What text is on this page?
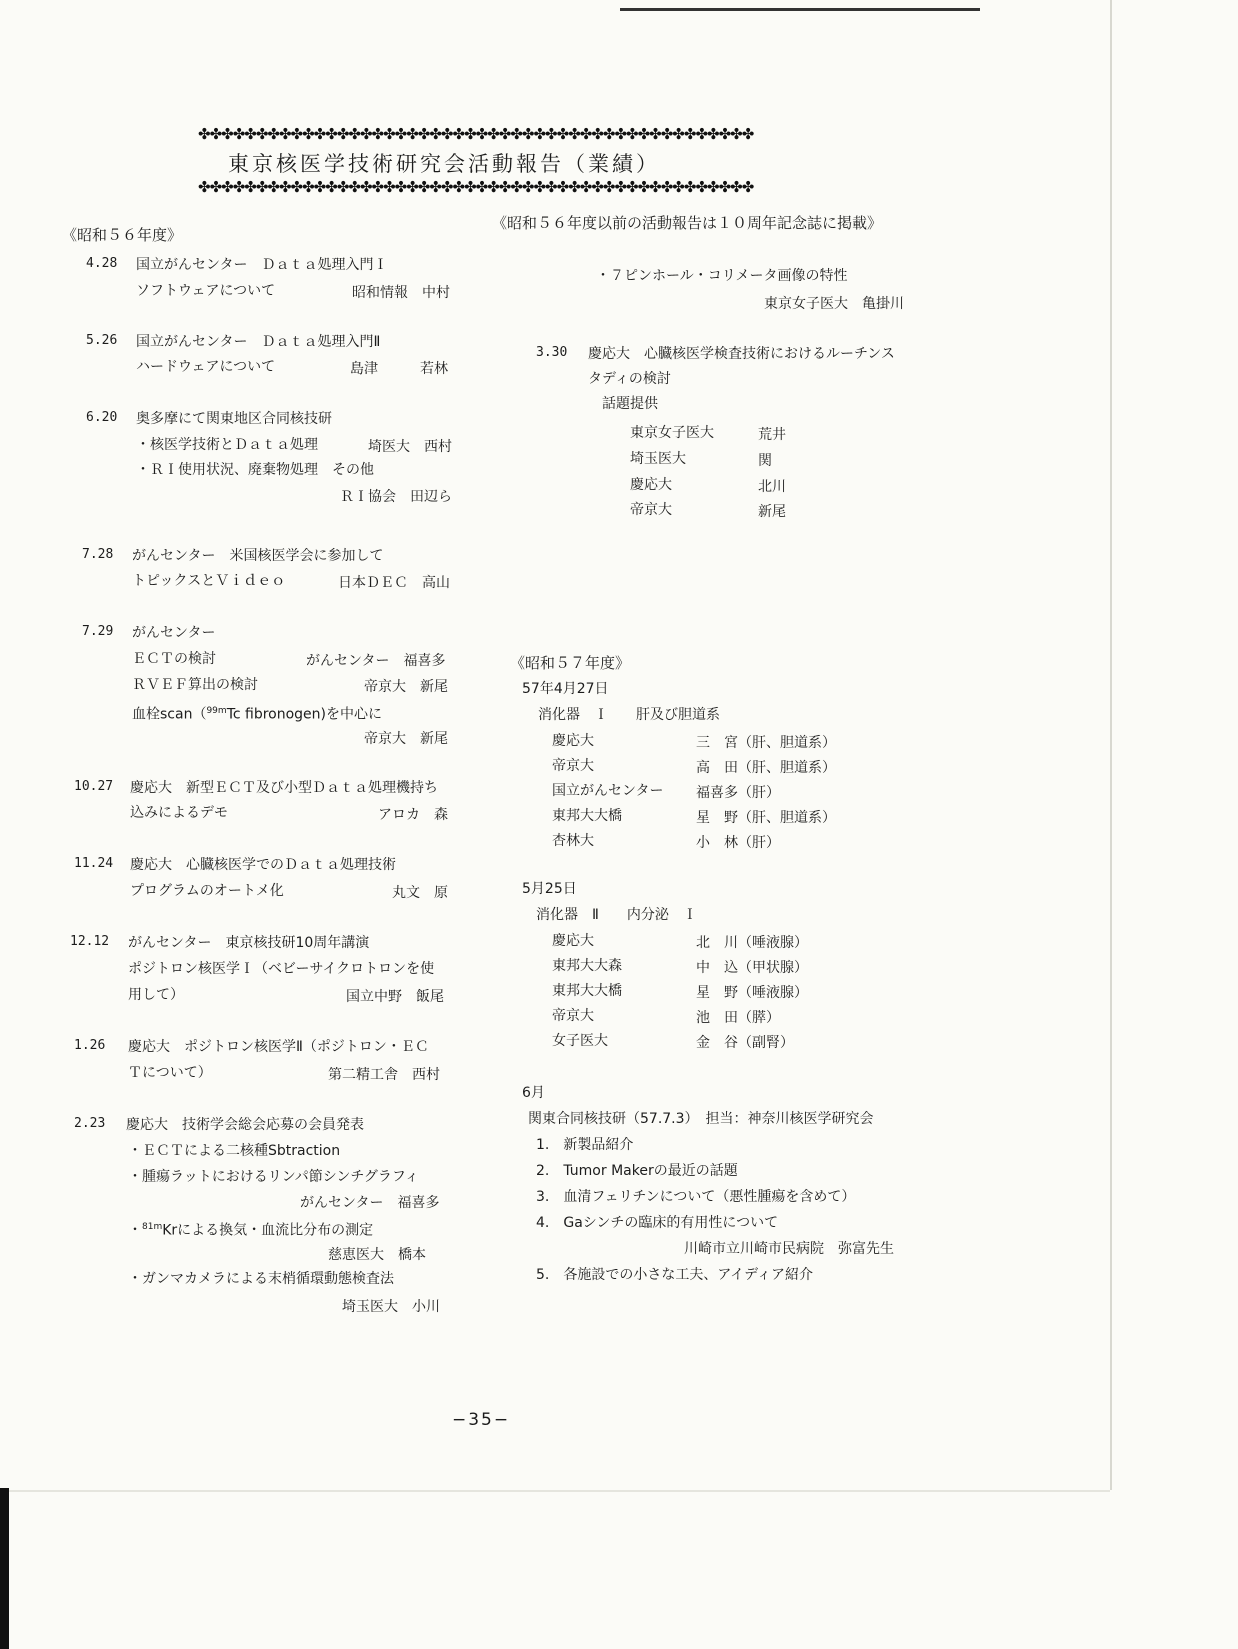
✤✤✤✤✤✤✤✤✤✤✤✤✤✤✤✤✤✤✤✤✤✤✤✤✤✤✤✤✤✤✤✤✤✤✤✤✤✤✤✤✤✤✤✤✤✤✤✤
東京核医学技術研究会活動報告（業績）
✤✤✤✤✤✤✤✤✤✤✤✤✤✤✤✤✤✤✤✤✤✤✤✤✤✤✤✤✤✤✤✤✤✤✤✤✤✤✤✤✤✤✤✤✤✤✤✤
《昭和５６年度以前の活動報告は１０周年記念誌に掲載》
《昭和５６年度》
4.28 国立がんセンター　Ｄａｔａ処理入門Ｉ
ソフトウェアについて	昭和情報　中村
5.26 国立がんセンター　Ｄａｔａ処理入門Ⅱ
ハードウェアについて	島津　　　若林
6.20 奥多摩にて関東地区合同核技研
・核医学技術とＤａｔａ処理	埼医大　西村
・ＲＩ使用状況、廃棄物処理　その他
ＲＩ協会　田辺ら
7.28 がんセンター　米国核医学会に参加して
トピックスとＶｉｄｅｏ	日本ＤＥＣ　高山
7.29 がんセンター
ＥＣＴの検討	がんセンター　福喜多
ＲＶＥＦ算出の検討	帝京大　新尾
血栓scan（$^{99m}$Tc fibronogen)を中心に
帝京大　新尾
10.27 慶応大　新型ＥＣＴ及び小型Ｄａｔａ処理機持ち
込みによるデモ	アロカ　森
11.24 慶応大　心臓核医学でのＤａｔａ処理技術
プログラムのオートメ化	丸文　原
12.12 がんセンター　東京核技研10周年講演
ポジトロン核医学Ｉ（ベビーサイクロトロンを使
用して）	国立中野　飯尾
1.26 慶応大　ポジトロン核医学Ⅱ（ポジトロン・ＥＣ
Ｔについて）	第二精工舎　西村
2.23 慶応大　技術学会総会応募の会員発表
・ＥＣＴによる二核種Sbtraction
・腫瘍ラットにおけるリンパ節シンチグラフィ
がんセンター　福喜多
・$^{81m}$Krによる換気・血流比分布の測定
慈恵医大　橋本
・ガンマカメラによる末梢循環動態検査法
埼玉医大　小川
・７ピンホール・コリメータ画像の特性
東京女子医大　亀掛川
3.30 慶応大　心臓核医学検査技術におけるルーチンス
タディの検討
話題提供
東京女子医大	荒井
埼玉医大	関
慶応大	北川
帝京大	新尾
《昭和５７年度》
57年4月27日
消化器　Ｉ　　肝及び胆道系
慶応大	三　宮（肝、胆道系）
帝京大	高　田（肝、胆道系）
国立がんセンター 福喜多（肝）
東邦大大橋	星　野（肝、胆道系）
杏林大	小　林（肝）
5月25日
消化器　Ⅱ　　内分泌　Ｉ
慶応大	北　川（唾液腺）
東邦大大森	中　込（甲状腺）
東邦大大橋	星　野（唾液腺）
帝京大	池　田（膵）
女子医大	金　谷（副腎）
6月
関東合同核技研（57.7.3）　担当：神奈川核医学研究会
1.　新製品紹介
2.　Tumor Makerの最近の話題
3.　血清フェリチンについて（悪性腫瘍を含めて）
4.　Gaシンチの臨床的有用性について
川崎市立川崎市民病院　弥富先生
5.　各施設での小さな工夫、アイディア紹介
−35−
